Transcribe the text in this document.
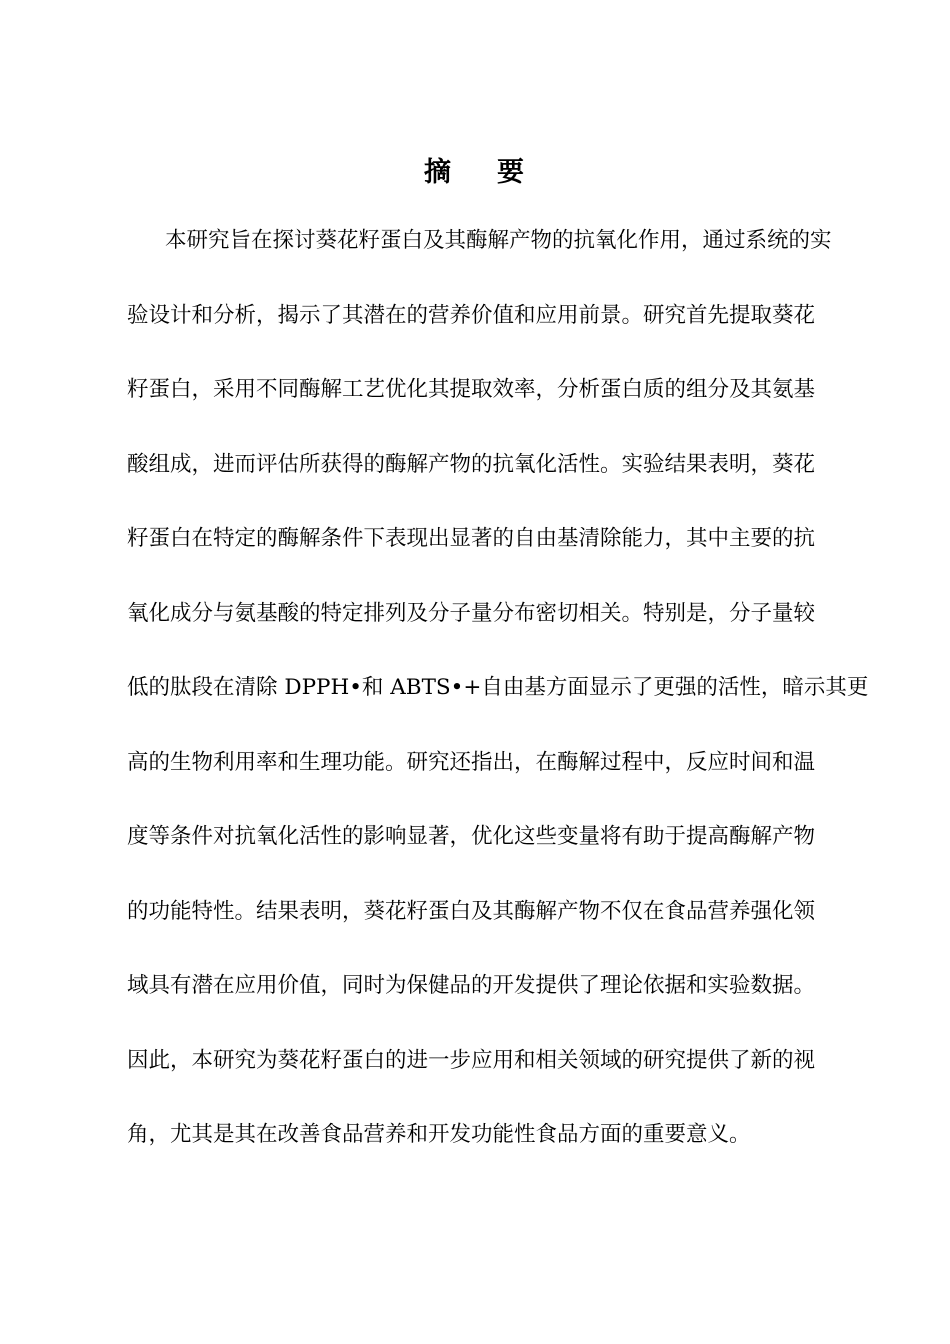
摘 要
本研究旨在探讨葵花籽蛋白及其酶解产物的抗氧化作用，通过系统的实
验设计和分析，揭示了其潜在的营养价值和应用前景。研究首先提取葵花
籽蛋白，采用不同酶解工艺优化其提取效率，分析蛋白质的组分及其氨基
酸组成，进而评估所获得的酶解产物的抗氧化活性。实验结果表明，葵花
籽蛋白在特定的酶解条件下表现出显著的自由基清除能力，其中主要的抗
氧化成分与氨基酸的特定排列及分子量分布密切相关。特别是，分子量较
低的肽段在清除 DPPH•和 ABTS•+自由基方面显示了更强的活性，暗示其更
高的生物利用率和生理功能。研究还指出，在酶解过程中，反应时间和温
度等条件对抗氧化活性的影响显著，优化这些变量将有助于提高酶解产物
的功能特性。结果表明，葵花籽蛋白及其酶解产物不仅在食品营养强化领
域具有潜在应用价值，同时为保健品的开发提供了理论依据和实验数据。
因此，本研究为葵花籽蛋白的进一步应用和相关领域的研究提供了新的视
角，尤其是其在改善食品营养和开发功能性食品方面的重要意义。
